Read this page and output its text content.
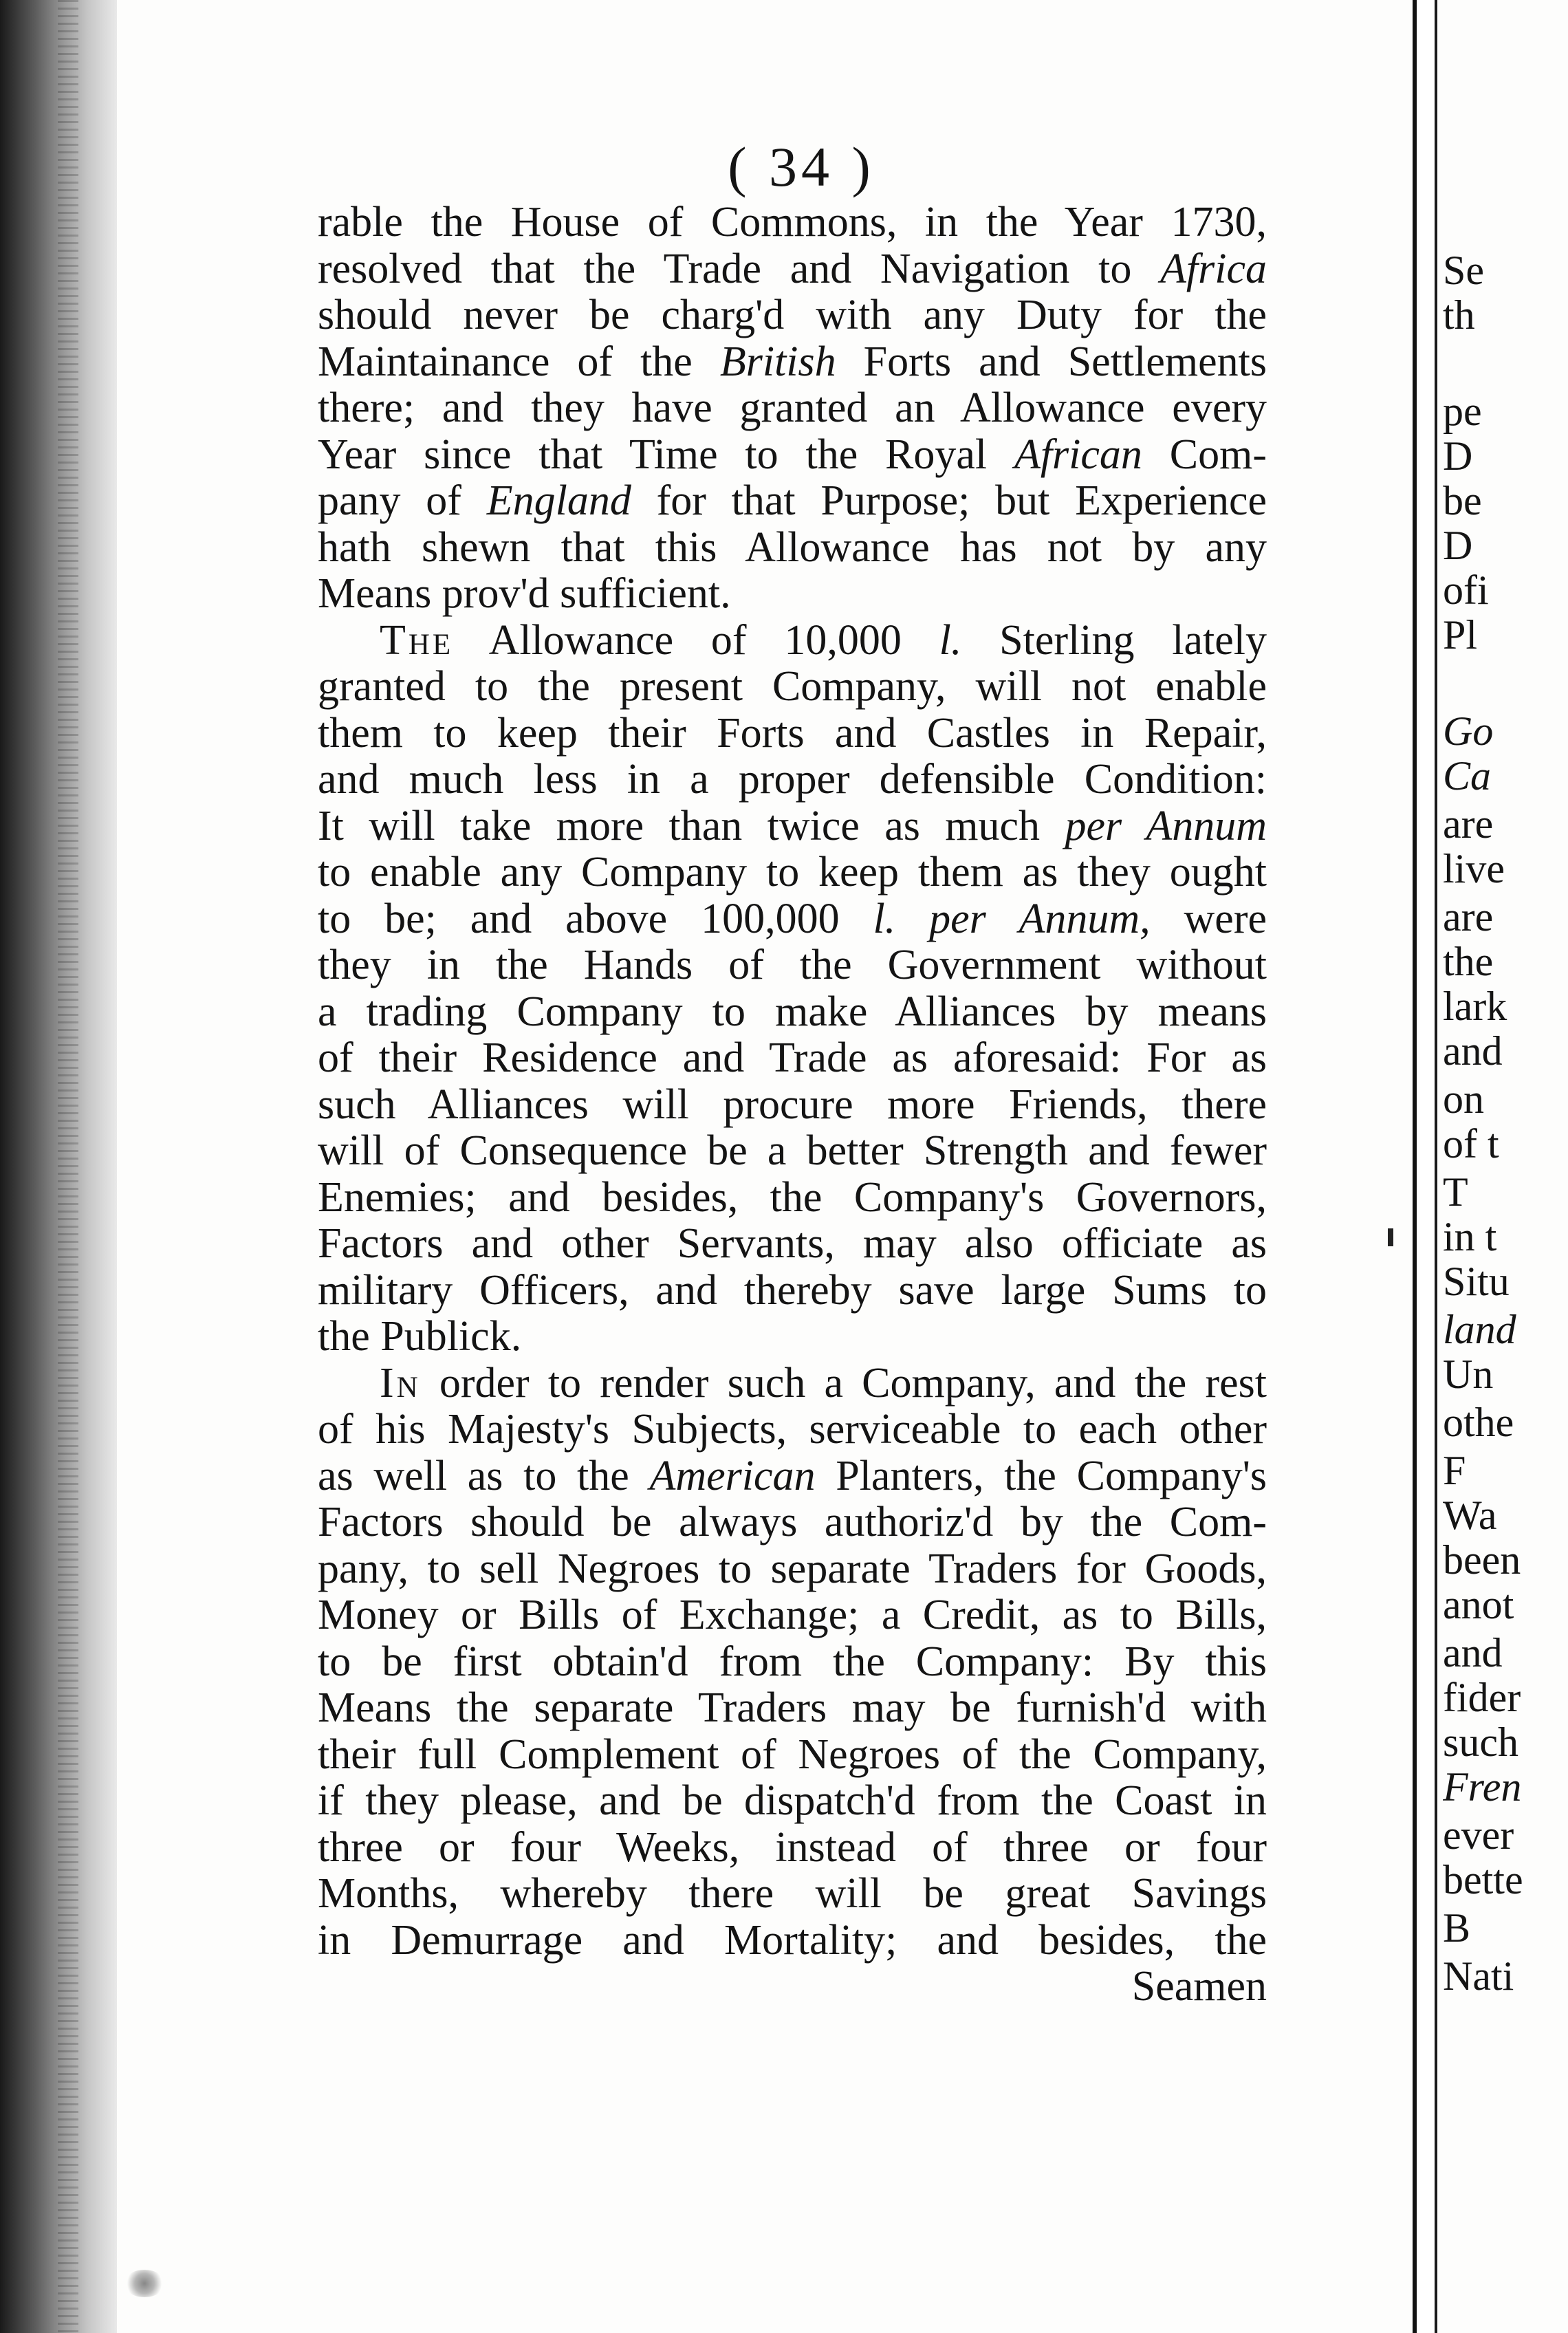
( 34 )
rable the House of Commons, in the Year 1730,
resolved that the Trade and Navigation to Africa
should never be charg'd with any Duty for the
Maintainance of the British Forts and Settlements
there; and they have granted an Allowance every
Year since that Time to the Royal African Com-
pany of England for that Purpose; but Experience
hath shewn that this Allowance has not by any
Means prov'd sufficient.
The Allowance of 10,000 l. Sterling lately
granted to the present Company, will not enable
them to keep their Forts and Castles in Repair,
and much less in a proper defensible Condition:
It will take more than twice as much per Annum
to enable any Company to keep them as they ought
to be; and above 100,000 l. per Annum, were
they in the Hands of the Government without
a trading Company to make Alliances by means
of their Residence and Trade as aforesaid: For as
such Alliances will procure more Friends, there
will of Consequence be a better Strength and fewer
Enemies; and besides, the Company's Governors,
Factors and other Servants, may also officiate as
military Officers, and thereby save large Sums to
the Publick.
In order to render such a Company, and the rest
of his Majesty's Subjects, serviceable to each other
as well as to the American Planters, the Company's
Factors should be always authoriz'd by the Com-
pany, to sell Negroes to separate Traders for Goods,
Money or Bills of Exchange; a Credit, as to Bills,
to be first obtain'd from the Company: By this
Means the separate Traders may be furnish'd with
their full Complement of Negroes of the Company,
if they please, and be dispatch'd from the Coast in
three or four Weeks, instead of three or four
Months, whereby there will be great Savings
in Demurrage and Mortality; and besides, the
Seamen
Se
th
pe
D
be
D
ofi
Pl
Go
Ca
are
live
are
the
lark
and
on
of t
T
in t
Situ
land
Un
othe
F
Wa
been
anot
and
fider
such
Fren
ever
bette
B
Nati
